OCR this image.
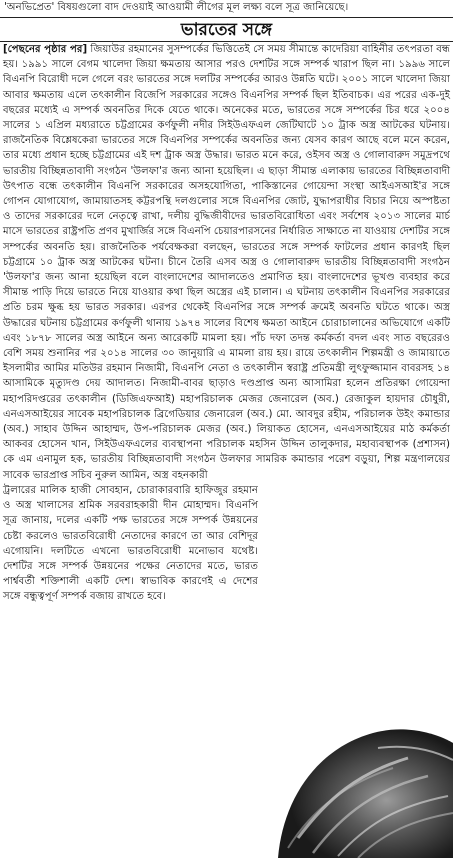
'অনভিপ্রেত' বিষয়গুলো বাদ দেওয়াই আওয়ামী লীগের মূল লক্ষ্য বলে সূত্র জানিয়েছে।
ভারতের সঙ্গে

[পেছনের পৃষ্ঠার পর] জিয়াউর রহমানের সুসম্পর্কের ভিত্তিতেই সে সময় সীমান্তে কাদেরিয়া বাহিনীর তৎপরতা বন্ধ হয়। ১৯৯১ সালে বেগম খালেদা জিয়া ক্ষমতায় আসার পরও দেশটির সঙ্গে সম্পর্ক খারাপ ছিল না। ১৯৯৬ সালে বিএনপি বিরোধী দলে গেলে বরং ভারতের সঙ্গে দলটির সম্পর্কের আরও উন্নতি ঘটে। ২০০১ সালে খালেদা জিয়া আবার ক্ষমতায় এলে তৎকালীন বিজেপি সরকারের সঙ্গেও বিএনপির সম্পর্ক ছিল ইতিবাচক। এর পরের এক-দুই বছরের মধ্যেই এ সম্পর্ক অবনতির দিকে যেতে থাকে। অনেকের মতে, ভারতের সঙ্গে সম্পর্কের চির ধরে ২০০৪ সালের ১ এপ্রিল মধ্যরাতে চট্টগ্রামের কর্ণফুলী নদীর সিইউএফএল জেটিঘাটে ১০ ট্রাক অস্ত্র আটকের ঘটনায়। রাজনৈতিক বিশ্লেষকেরা ভারতের সঙ্গে বিএনপির সম্পর্কের অবনতির জন্য যেসব কারণ আছে বলে মনে করেন, তার মধ্যে প্রধান হচ্ছে চট্টগ্রামের এই দশ ট্রাক অস্ত্র উদ্ধার। ভারত মনে করে, ওইসব অস্ত্র ও গোলাবারুদ সমুদ্রপথে ভারতীয় বিচ্ছিন্নতাবাদী সংগঠন 'উলফা'র জন্য আনা হয়েছিল। এ ছাড়া সীমান্ত এলাকায় ভারতের বিচ্ছিন্নতাবাদী উৎপাত বন্ধে তৎকালীন বিএনপি সরকারের অসহযোগিতা, পাকিস্তানের গোয়েন্দা সংস্থা আইএসআই'র সঙ্গে গোপন যোগাযোগ, জামায়াতসহ কট্টরপন্থি দলগুলোর সঙ্গে বিএনপির জোট, যুদ্ধাপরাধীর বিচার নিয়ে অস্পষ্টতা ও তাদের সরকারের দলে নেতৃত্বে রাখা, দলীয় বুদ্ধিজীবীদের ভারতবিরোধিতা এবং সর্বশেষ ২০১৩ সালের মার্চ মাসে ভারতের রাষ্ট্রপতি প্রণব মুখার্জির সঙ্গে বিএনপি চেয়ারপারসনের নির্ধারিত সাক্ষাতে না যাওয়ায় দেশটির সঙ্গে সম্পর্কের অবনতি হয়। রাজনৈতিক পর্যবেক্ষকরা বলছেন, ভারতের সঙ্গে সম্পর্ক ফাটলের প্রধান কারণই ছিল চট্টগ্রামে ১০ ট্রাক অস্ত্র আটকের ঘটনা। চীনে তৈরি এসব অস্ত্র ও গোলাবারুদ ভারতীয় বিচ্ছিন্নতাবাদী সংগঠন 'উলফা'র জন্য আনা হয়েছিল বলে বাংলাদেশের আদালতেও প্রমাণিত হয়। বাংলাদেশের ভূখণ্ড ব্যবহার করে সীমান্ত পাড়ি দিয়ে ভারতে নিয়ে যাওয়ার কথা ছিল অস্ত্রের এই চালান। এ ঘটনায় তৎকালীন বিএনপির সরকারের প্রতি চরম ক্ষুব্ধ হয় ভারত সরকার। এরপর থেকেই বিএনপির সঙ্গে সম্পর্ক ক্রমেই অবনতি ঘটতে থাকে। অস্ত্র উদ্ধারের ঘটনায় চট্টগ্রামের কর্ণফুলী থানায় ১৯৭৪ সালের বিশেষ ক্ষমতা আইনে চোরাচালানের অভিযোগে একটি এবং ১৮৭৮ সালের অস্ত্র আইনে অন্য আরেকটি মামলা হয়। পাঁচ দফা তদন্ত কর্মকর্তা বদল এবং সাত বছরেরও বেশি সময় শুনানির পর ২০১৪ সালের ৩০ জানুয়ারি এ মামলা রায় হয়। রায়ে তৎকালীন শিল্পমন্ত্রী ও জামায়াতে ইসলামীর আমির মতিউর রহমান নিজামী, বিএনপি নেতা ও তৎকালীন স্বরাষ্ট্র প্রতিমন্ত্রী লুৎফুজ্জামান বাবরসহ ১৪ আসামিকে মৃত্যুদণ্ড দেয় আদালত। নিজামী-বাবর ছাড়াও দণ্ডপ্রাপ্ত অন্য আসামিরা হলেন প্রতিরক্ষা গোয়েন্দা মহাপরিদপ্তরের তৎকালীন (ডিজিএফআই) মহাপরিচালক মেজর জেনারেল (অব.) রেজাকুল হায়দার চৌধুরী, এনএসআইয়ের সাবেক মহাপরিচালক ব্রিগেডিয়ার জেনারেল (অব.) মো. আবদুর রহীম, পরিচালক উইং কমান্ডার (অব.) সাহাব উদ্দিন আহাম্মদ, উপ-পরিচালক মেজর (অব.) লিয়াকত হোসেন, এনএসআইয়ের মাঠ কর্মকর্তা আকবর হোসেন খান, সিইউএফএলের ব্যবস্থাপনা পরিচালক মহসিন উদ্দিন তালুকদার, মহাব্যবস্থাপক (প্রশাসন) কে এম এনামুল হক, ভারতীয় বিচ্ছিন্নতাবাদী সংগঠন উলফার সামরিক কমান্ডার পরেশ বড়ুয়া, শিল্প মন্ত্রণালয়ের সাবেক ভারপ্রাপ্ত সচিব নুরুল আমিন, অস্ত্র বহনকারী

ট্রলারের মালিক হাজী সোবহান, চোরাকারবারি হাফিজুর রহমান ও অস্ত্র খালাসের শ্রমিক সরবরাহকারী দীন মোহাম্মদ। বিএনপি সূত্র জানায়, দলের একটি পক্ষ ভারতের সঙ্গে সম্পর্ক উন্নয়নের চেষ্টা করলেও ভারতবিরোধী নেতাদের কারণে তা আর বেশিদূর এগোয়নি। দলটিতে এখনো ভারতবিরোধী মনোভাব যথেষ্ট। দেশটির সঙ্গে সম্পর্ক উন্নয়নের পক্ষের নেতাদের মতে, ভারত পার্শ্ববর্তী শক্তিশালী একটি দেশ। স্বাভাবিক কারণেই এ দেশের সঙ্গে বন্ধুত্বপূর্ণ সম্পর্ক বজায় রাখতে হবে।
